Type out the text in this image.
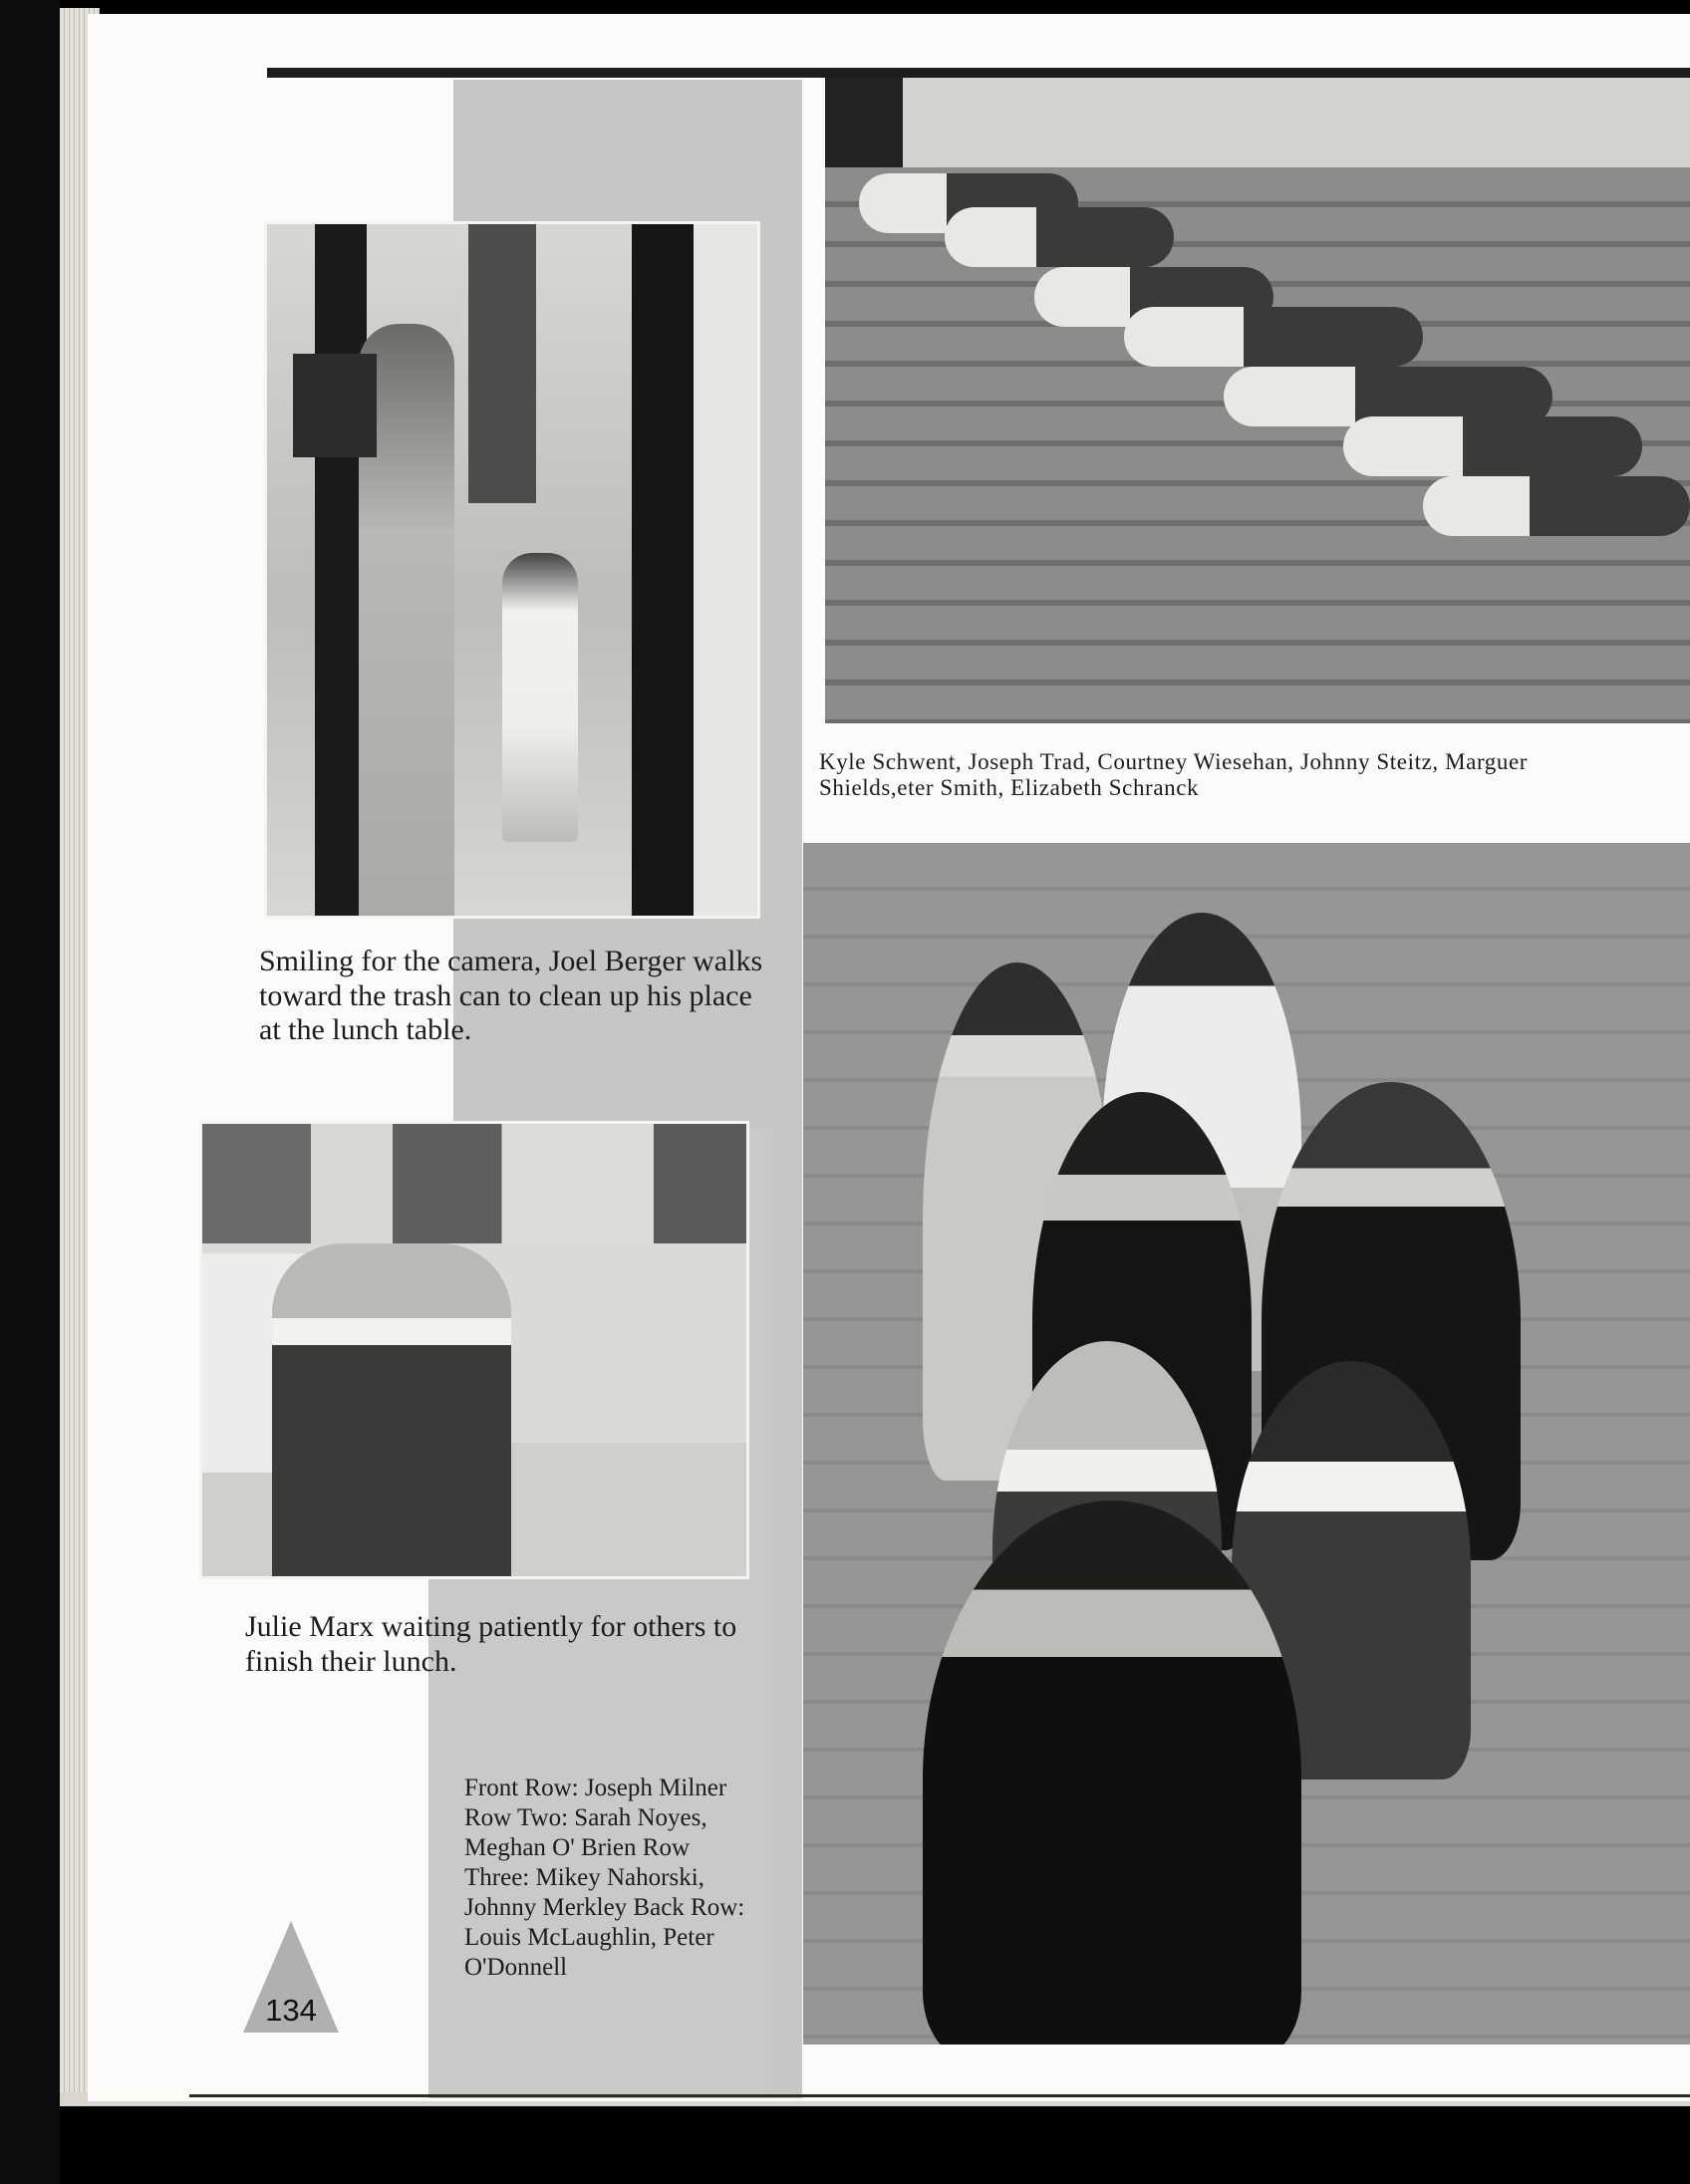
Kyle Schwent, Joseph Trad, Courtney Wiesehan, Johnny Steitz, Marguer
Shields,eter Smith, Elizabeth Schranck
Smiling for the camera, Joel Berger walks toward the trash can to clean up his place at the lunch table.
Julie Marx waiting patiently for others to finish their lunch.
Front Row: Joseph Milner Row Two: Sarah Noyes, Meghan O' Brien Row Three: Mikey Nahorski, Johnny Merkley Back Row: Louis McLaughlin, Peter O'Donnell
134
